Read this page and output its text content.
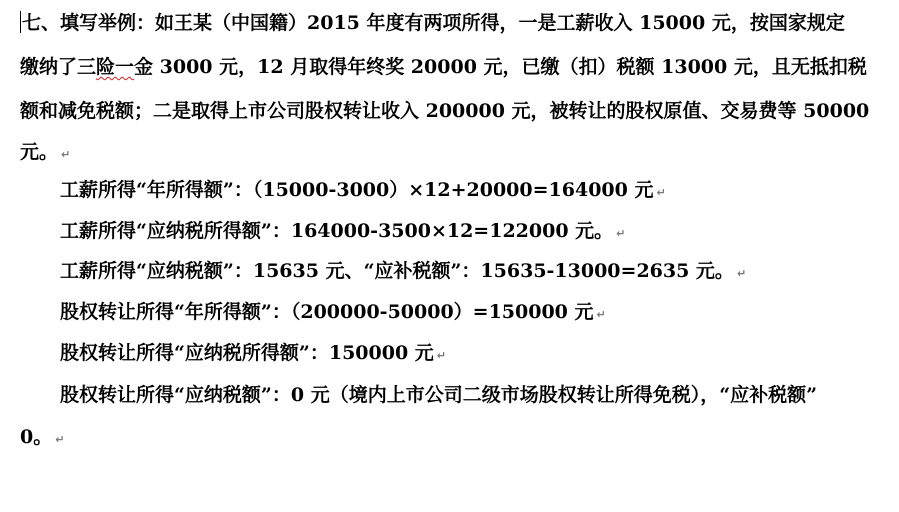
七、填写举例：如王某（中国籍）2015 年度有两项所得，一是工薪收入 15000 元，按国家规定
缴纳了三险一金 3000 元，12 月取得年终奖 20000 元，已缴（扣）税额 13000 元，且无抵扣税
额和减免税额；二是取得上市公司股权转让收入 200000 元，被转让的股权原值、交易费等 50000
元。 ↵
工薪所得“年所得额”：（15000-3000）×12+20000=164000 元 ↵
工薪所得“应纳税所得额”：164000-3500×12=122000 元。 ↵
工薪所得“应纳税额”：15635 元、“应补税额”：15635-13000=2635 元。 ↵
股权转让所得“年所得额”：（200000-50000）=150000 元 ↵
股权转让所得“应纳税所得额”：150000 元 ↵
股权转让所得“应纳税额”：0 元（境内上市公司二级市场股权转让所得免税），“应补税额”
0。 ↵
